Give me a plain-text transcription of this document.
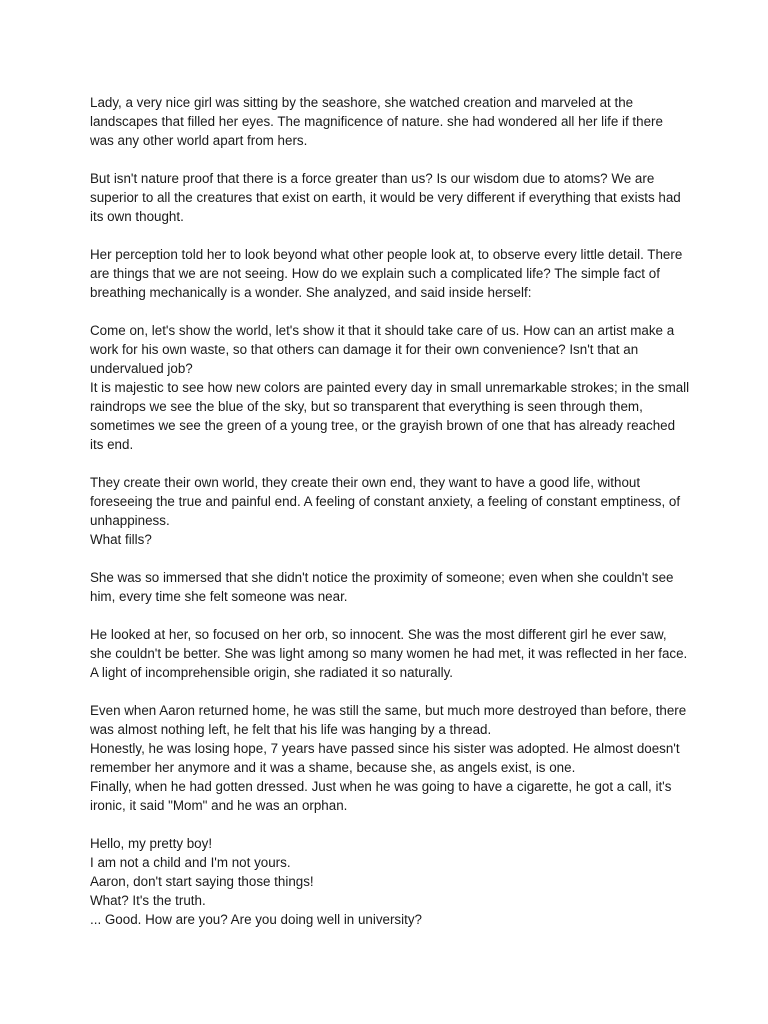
Lady, a very nice girl was sitting by the seashore, she watched creation and marveled at the landscapes that filled her eyes. The magnificence of nature. she had wondered all her life if there was any other world apart from hers.

But isn't nature proof that there is a force greater than us? Is our wisdom due to atoms? We are superior to all the creatures that exist on earth, it would be very different if everything that exists had its own thought.

Her perception told her to look beyond what other people look at, to observe every little detail. There are things that we are not seeing. How do we explain such a complicated life? The simple fact of breathing mechanically is a wonder. She analyzed, and said inside herself:

Come on, let's show the world, let's show it that it should take care of us. How can an artist make a work for his own waste, so that others can damage it for their own convenience? Isn't that an undervalued job?
It is majestic to see how new colors are painted every day in small unremarkable strokes; in the small raindrops we see the blue of the sky, but so transparent that everything is seen through them, sometimes we see the green of a young tree, or the grayish brown of one that has already reached its end.

They create their own world, they create their own end, they want to have a good life, without foreseeing the true and painful end. A feeling of constant anxiety, a feeling of constant emptiness, of unhappiness.
What fills?

She was so immersed that she didn't notice the proximity of someone; even when she couldn't see him, every time she felt someone was near.

He looked at her, so focused on her orb, so innocent. She was the most different girl he ever saw, she couldn't be better. She was light among so many women he had met, it was reflected in her face. A light of incomprehensible origin, she radiated it so naturally.

Even when Aaron returned home, he was still the same, but much more destroyed than before, there was almost nothing left, he felt that his life was hanging by a thread.
Honestly, he was losing hope, 7 years have passed since his sister was adopted. He almost doesn't remember her anymore and it was a shame, because she, as angels exist, is one.
Finally, when he had gotten dressed. Just when he was going to have a cigarette, he got a call, it's ironic, it said "Mom" and he was an orphan.

Hello, my pretty boy!
I am not a child and I'm not yours.
Aaron, don't start saying those things!
What? It's the truth.
... Good. How are you? Are you doing well in university?
